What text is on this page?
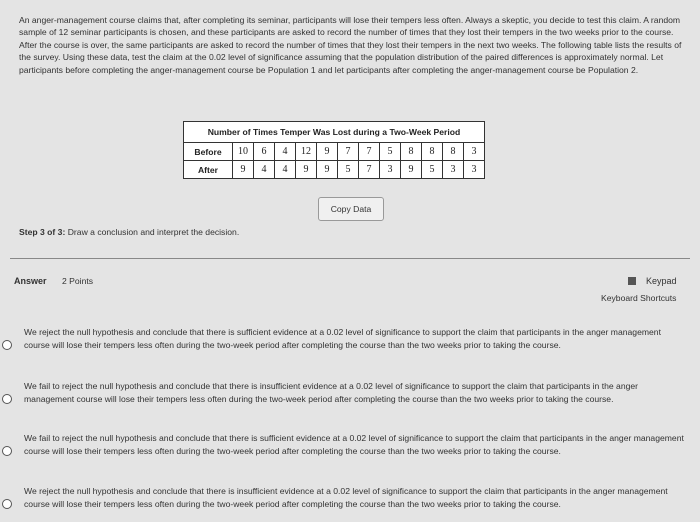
An anger-management course claims that, after completing its seminar, participants will lose their tempers less often. Always a skeptic, you decide to test this claim. A random sample of 12 seminar participants is chosen, and these participants are asked to record the number of times that they lost their tempers in the two weeks prior to the course. After the course is over, the same participants are asked to record the number of times that they lost their tempers in the next two weeks. The following table lists the results of the survey. Using these data, test the claim at the 0.02 level of significance assuming that the population distribution of the paired differences is approximately normal. Let participants before completing the anger-management course be Population 1 and let participants after completing the anger-management course be Population 2.

Number of Times Temper Was Lost during a Two-Week Period												
Before	10	6	4	12	9	7	7	5	8	8	8	3
After	9	4	4	9	9	5	7	3	9	5	3	3
Copy Data
Step 3 of 3: Draw a conclusion and interpret the decision.
Answer 2 Points	Keypad
Keyboard Shortcuts
We reject the null hypothesis and conclude that there is sufficient evidence at a 0.02 level of significance to support the claim that participants in the anger management course will lose their tempers less often during the two-week period after completing the course than the two weeks prior to taking the course.
We fail to reject the null hypothesis and conclude that there is insufficient evidence at a 0.02 level of significance to support the claim that participants in the anger management course will lose their tempers less often during the two-week period after completing the course than the two weeks prior to taking the course.
We fail to reject the null hypothesis and conclude that there is sufficient evidence at a 0.02 level of significance to support the claim that participants in the anger management course will lose their tempers less often during the two-week period after completing the course than the two weeks prior to taking the course.
We reject the null hypothesis and conclude that there is insufficient evidence at a 0.02 level of significance to support the claim that participants in the anger management course will lose their tempers less often during the two-week period after completing the course than the two weeks prior to taking the course.
